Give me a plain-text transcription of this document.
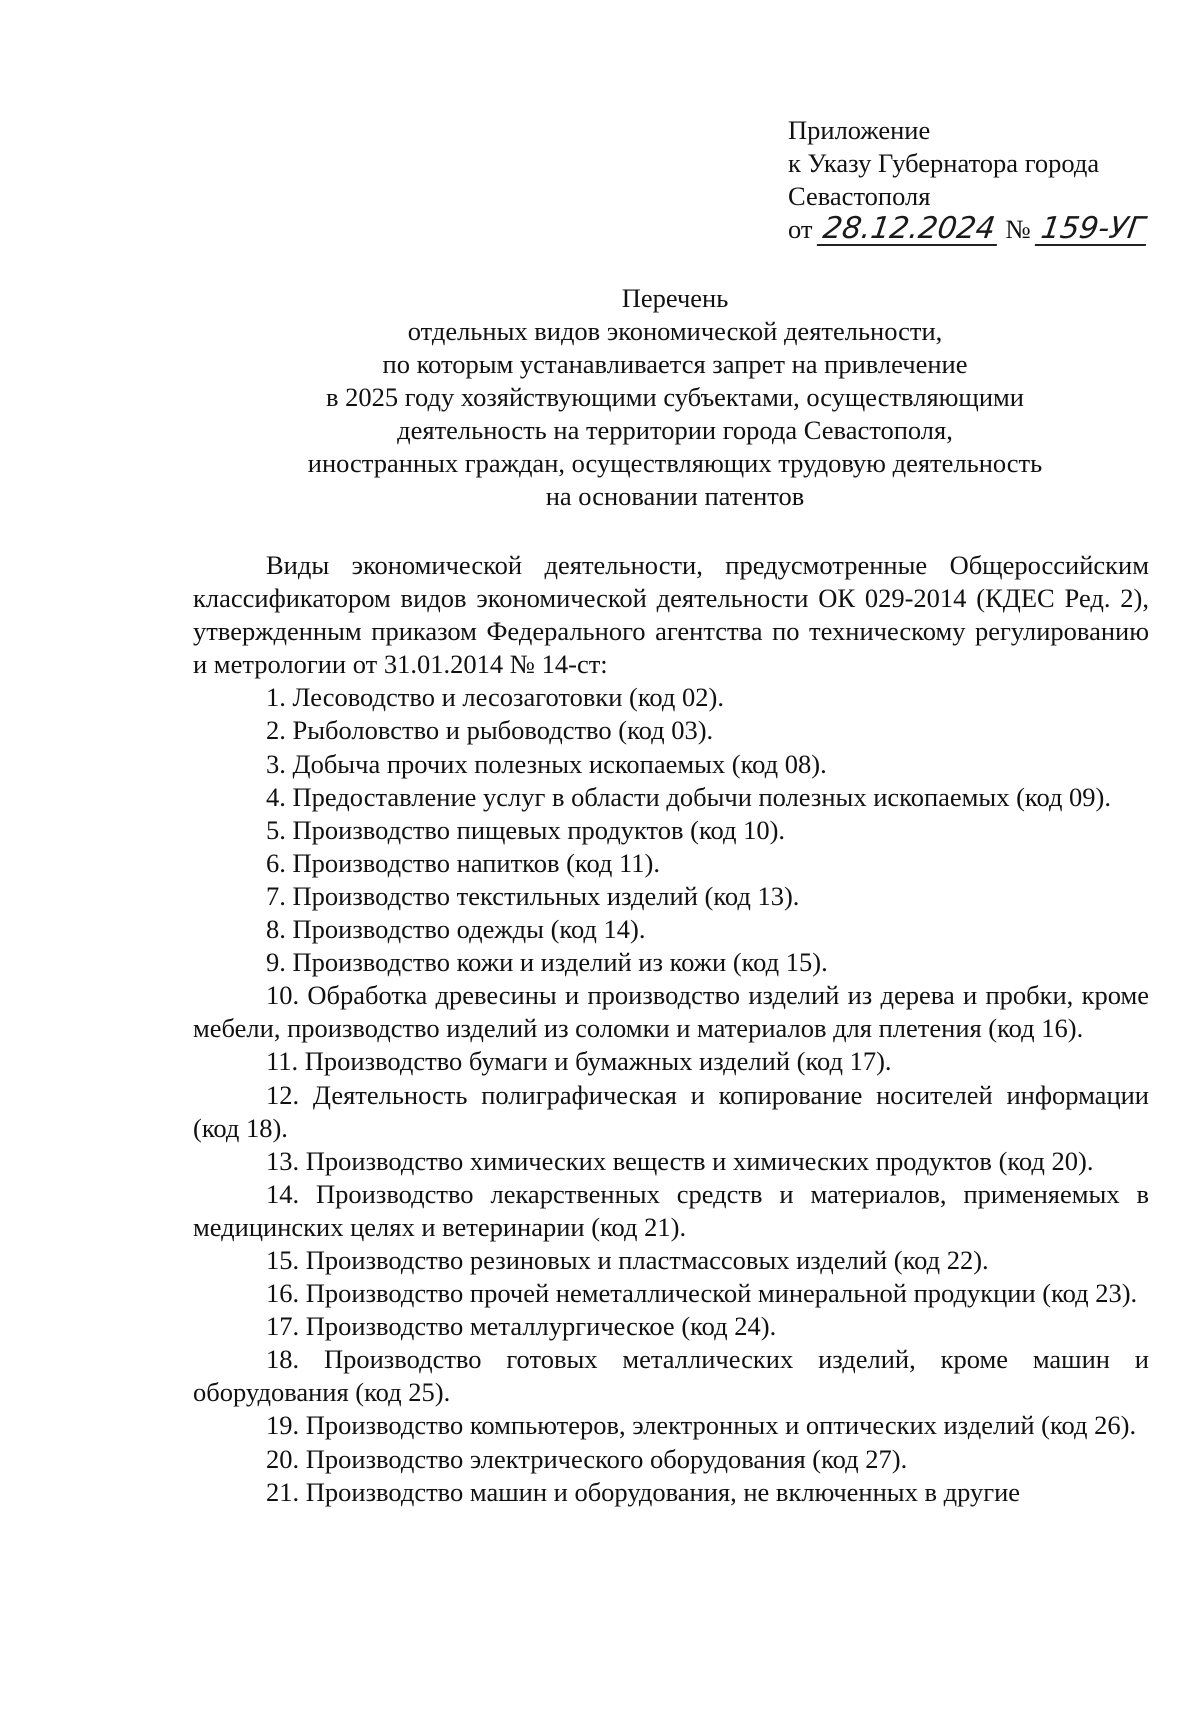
Приложение
к Указу Губернатора города
Севастополя
от 28.12.2024 № 159-УГ
Перечень
отдельных видов экономической деятельности,
по которым устанавливается запрет на привлечение
в 2025 году хозяйствующими субъектами, осуществляющими
деятельность на территории города Севастополя,
иностранных граждан, осуществляющих трудовую деятельность
на основании патентов

Виды экономической деятельности, предусмотренные Общероссийским классификатором видов экономической деятельности ОК 029-2014 (КДЕС Ред. 2), утвержденным приказом Федерального агентства по техническому регулированию и метрологии от 31.01.2014 № 14-ст:

1. Лесоводство и лесозаготовки (код 02).

2. Рыболовство и рыбоводство (код 03).

3. Добыча прочих полезных ископаемых (код 08).

4. Предоставление услуг в области добычи полезных ископаемых (код 09).

5. Производство пищевых продуктов (код 10).

6. Производство напитков (код 11).

7. Производство текстильных изделий (код 13).

8. Производство одежды (код 14).

9. Производство кожи и изделий из кожи (код 15).

10. Обработка древесины и производство изделий из дерева и пробки, кроме мебели, производство изделий из соломки и материалов для плетения (код 16).

11. Производство бумаги и бумажных изделий (код 17).

12. Деятельность полиграфическая и копирование носителей информации (код 18).

13. Производство химических веществ и химических продуктов (код 20).

14. Производство лекарственных средств и материалов, применяемых в медицинских целях и ветеринарии (код 21).

15. Производство резиновых и пластмассовых изделий (код 22).

16. Производство прочей неметаллической минеральной продукции (код 23).

17. Производство металлургическое (код 24).

18. Производство готовых металлических изделий, кроме машин и оборудования (код 25).

19. Производство компьютеров, электронных и оптических изделий (код 26).

20. Производство электрического оборудования (код 27).

21. Производство машин и оборудования, не включенных в другие
